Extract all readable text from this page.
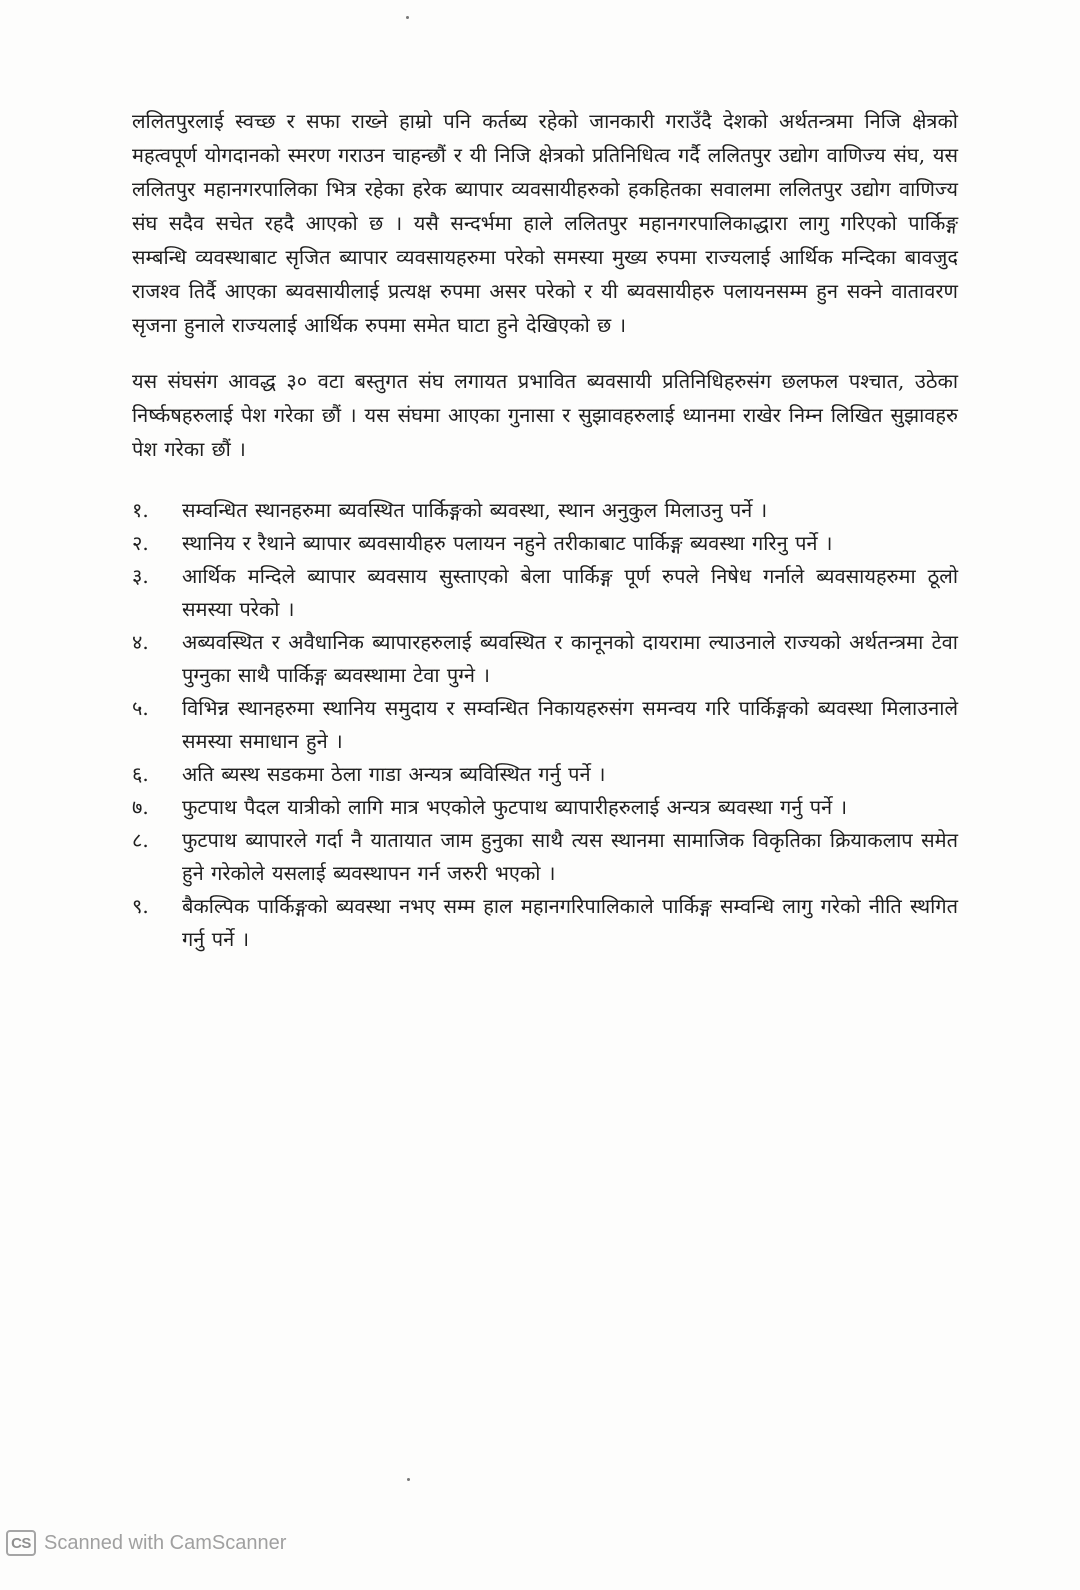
ललितपुरलाई स्वच्छ र सफा राख्ने हाम्रो पनि कर्तब्य रहेको जानकारी गराउँदै देशको अर्थतन्त्रमा निजि क्षेत्रको महत्वपूर्ण योगदानको स्मरण गराउन चाहन्छौं र यी निजि क्षेत्रको प्रतिनिधित्व गर्दै ललितपुर उद्योग वाणिज्य संघ, यस ललितपुर महानगरपालिका भित्र रहेका हरेक ब्यापार व्यवसायीहरुको हकहितका सवालमा ललितपुर उद्योग वाणिज्य संघ सदैव सचेत रहदै आएको छ । यसै सन्दर्भमा हाले ललितपुर महानगरपालिकाद्धारा लागु गरिएको पार्किङ्ग सम्बन्धि व्यवस्थाबाट सृजित ब्यापार व्यवसायहरुमा परेको समस्या मुख्य रुपमा राज्यलाई आर्थिक मन्दिका बावजुद राजश्व तिर्दै आएका ब्यवसायीलाई प्रत्यक्ष रुपमा असर परेको र यी ब्यवसायीहरु पलायनसम्म हुन सक्ने वातावरण सृजना हुनाले राज्यलाई आर्थिक रुपमा समेत घाटा हुने देखिएको छ ।

यस संघसंग आवद्ध ३० वटा बस्तुगत संघ लगायत प्रभावित ब्यवसायी प्रतिनिधिहरुसंग छलफल पश्चात, उठेका निर्ष्कषहरुलाई पेश गरेका छौं । यस संघमा आएका गुनासा र सुझावहरुलाई ध्यानमा राखेर निम्न लिखित सुझावहरु पेश गरेका छौं ।

१.	सम्वन्धित स्थानहरुमा ब्यवस्थित पार्किङ्गको ब्यवस्था, स्थान अनुकुल मिलाउनु पर्ने ।
२.	स्थानिय र रैथाने ब्यापार ब्यवसायीहरु पलायन नहुने तरीकाबाट पार्किङ्ग ब्यवस्था गरिनु पर्ने ।
३.	आर्थिक मन्दिले ब्यापार ब्यवसाय सुस्ताएको बेला पार्किङ्ग पूर्ण रुपले निषेध गर्नाले ब्यवसायहरुमा ठूलो समस्या परेको ।
४.	अब्यवस्थित र अवैधानिक ब्यापारहरुलाई ब्यवस्थित र कानूनको दायरामा ल्याउनाले राज्यको अर्थतन्त्रमा टेवा पुग्नुका साथै पार्किङ्ग ब्यवस्थामा टेवा पुग्ने ।
५.	विभिन्न स्थानहरुमा स्थानिय समुदाय र सम्वन्धित निकायहरुसंग समन्वय गरि पार्किङ्गको ब्यवस्था मिलाउनाले समस्या समाधान हुने ।
६.	अति ब्यस्थ सडकमा ठेला गाडा अन्यत्र ब्यविस्थित गर्नु पर्ने ।
७.	फुटपाथ पैदल यात्रीको लागि मात्र भएकोले फुटपाथ ब्यापारीहरुलाई अन्यत्र ब्यवस्था गर्नु पर्ने ।
८.	फुटपाथ ब्यापारले गर्दा नै यातायात जाम हुनुका साथै त्यस स्थानमा सामाजिक विकृतिका क्रियाकलाप समेत हुने गरेकोले यसलाई ब्यवस्थापन गर्न जरुरी भएको ।
९.	बैकल्पिक पार्किङ्गको ब्यवस्था नभए सम्म हाल महानगरिपालिकाले पार्किङ्ग सम्वन्धि लागु गरेको नीति स्थगित गर्नु पर्ने ।
CS Scanned with CamScanner
